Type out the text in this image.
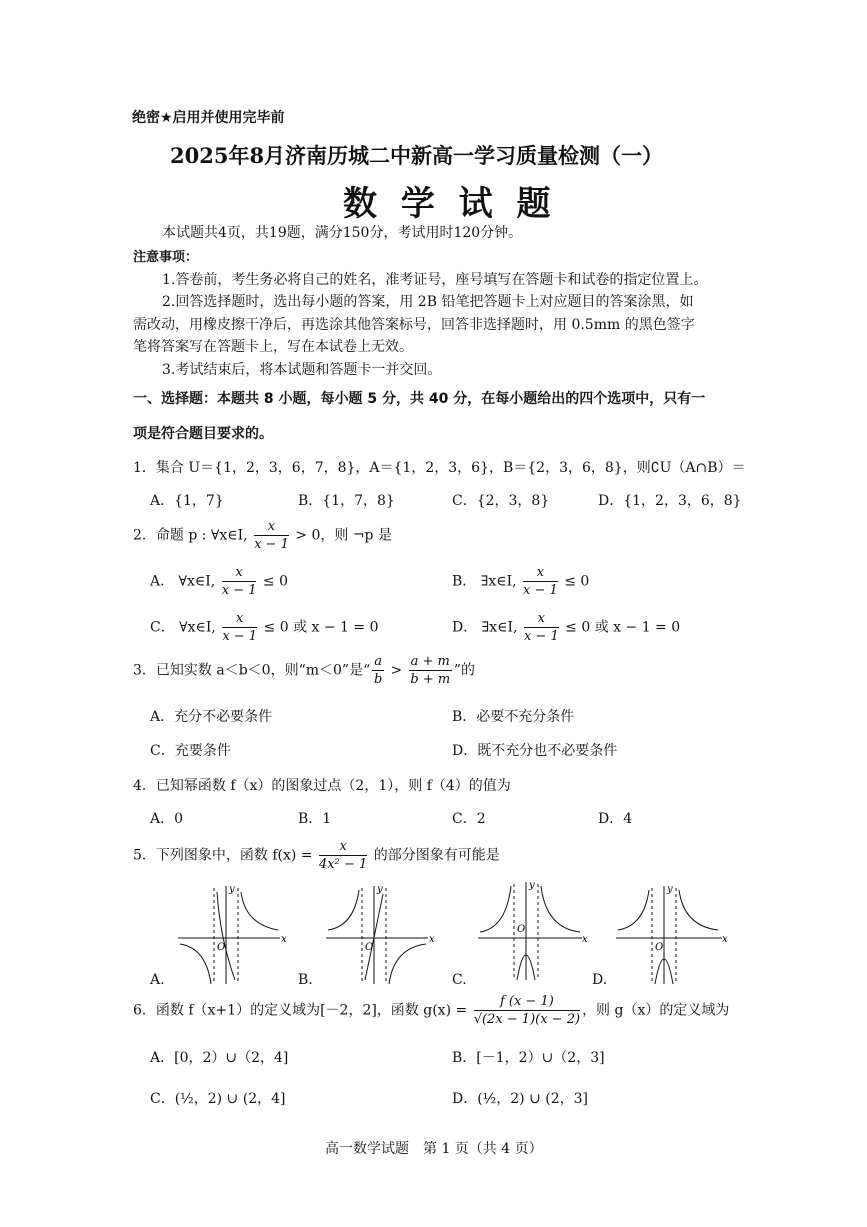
绝密★启用并使用完毕前
2025年8月济南历城二中新高一学习质量检测（一）
数 学 试 题
本试题共4页，共19题，满分150分，考试用时120分钟。
注意事项：
1.答卷前，考生务必将自己的姓名，准考证号，座号填写在答题卡和试卷的指定位置上。
2.回答选择题时，选出每小题的答案，用 2B 铅笔把答题卡上对应题目的答案涂黑，如
需改动，用橡皮擦干净后，再选涂其他答案标号，回答非选择题时，用 0.5mm 的黑色签字
笔将答案写在答题卡上，写在本试卷上无效。
3.考试结束后，将本试题和答题卡一并交回。
一、选择题：本题共 8 小题，每小题 5 分，共 40 分，在每小题给出的四个选项中，只有一
项是符合题目要求的。
1．集合 U＝{1，2，3，6，7，8}，A＝{1，2，3，6}，B＝{2，3，6，8}，则∁U（A∩B）＝
A．{1，7}	B．{1，7，8}	C．{2，3，8}	D．{1，2，3，6，8}
2．命题 p : ∀x∈I, $\frac{x}{x - 1} > 0$，则 ¬p 是
A． ∀x∈I, $\frac{x}{x - 1} \le 0$	B． ∃x∈I, $\frac{x}{x - 1} \le 0$
C． ∀x∈I, $\frac{x}{x - 1} \le 0$ 或 x − 1 = 0	D． ∃x∈I, $\frac{x}{x - 1} \le 0$ 或 x − 1 = 0
3．已知实数 a＜b＜0，则“m＜0”是“ $\frac{a}{b} > \frac{a + m}{b + m}$ ”的
A．充分不必要条件	B．必要不充分条件
C．充要条件	D．既不充分也不必要条件
4．已知幂函数 f（x）的图象过点（2，1），则 f（4）的值为
A．0	B．1	C．2	D．4
5．下列图象中，函数 $f(x) = \frac{x}{\text{4x² − 1}}$ 的部分图象有可能是
O
x
y
A.
O
x
y
B.
O
x
y
C.
O
x
y
D.
6．函数 f（x+1）的定义域为[－2，2]，函数 $g(x) = \frac{f (x - 1)}{√(2x - 1)(x - 2)}$ ，则 g（x）的定义域为
A．[0，2）∪（2，4]	B．[－1，2）∪（2，3]
C．(½，2) ∪ (2，4]	D．(½，2) ∪ (2，3]
高一数学试题　第 1 页（共 4 页）
